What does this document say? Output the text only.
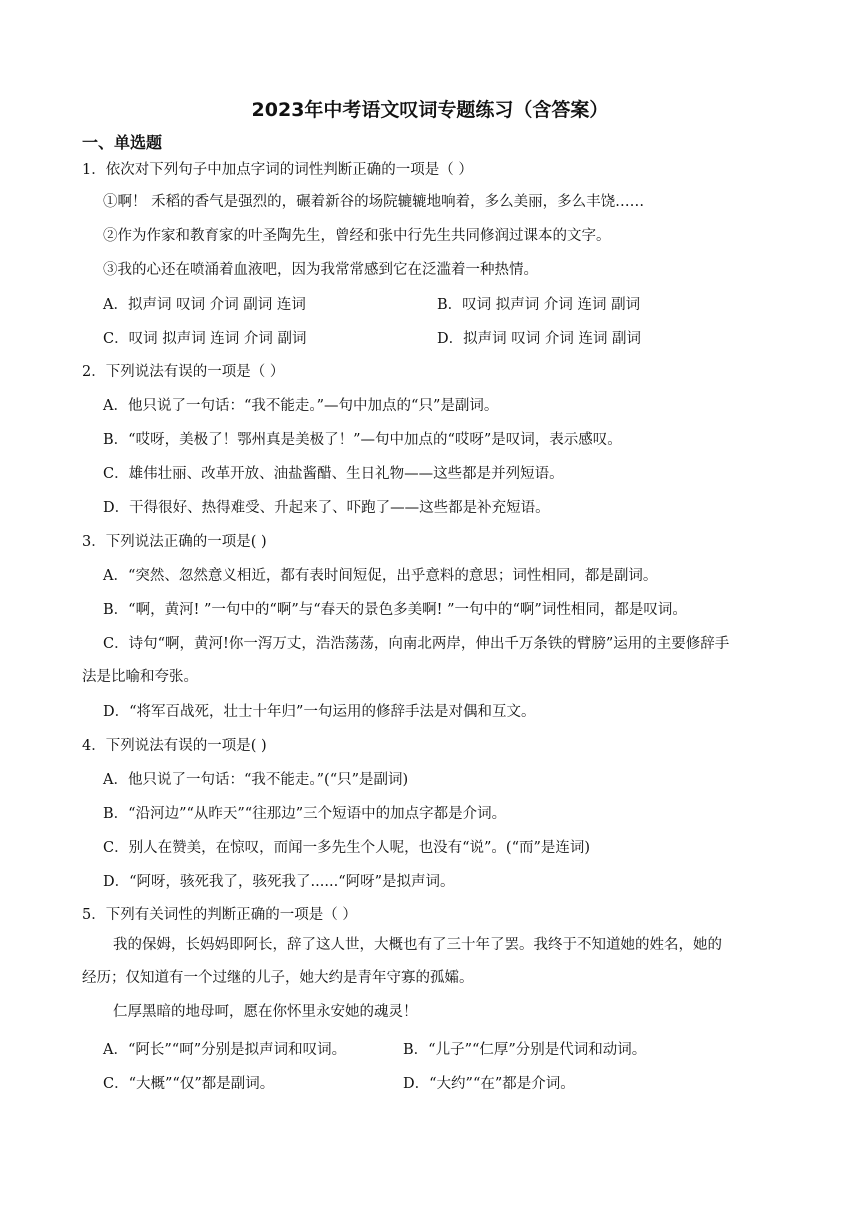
2023年中考语文叹词专题练习（含答案）
一、单选题
1．依次对下列句子中加点字词的词性判断正确的一项是（ ）
①啊！ 禾稻的香气是强烈的，碾着新谷的场院辘辘地响着，多么美丽，多么丰饶……
②作为作家和教育家的叶圣陶先生，曾经和张中行先生共同修润过课本的文字。
③我的心还在喷涌着血液吧，因为我常常感到它在泛滥着一种热情。
A．拟声词 叹词 介词 副词 连词	B．叹词 拟声词 介词 连词 副词
C．叹词 拟声词 连词 介词 副词	D．拟声词 叹词 介词 连词 副词
2．下列说法有误的一项是（ ）
A．他只说了一句话：“我不能走。”—句中加点的“只”是副词。
B．“哎呀，美极了！鄂州真是美极了！”—句中加点的“哎呀”是叹词，表示感叹。
C．雄伟壮丽、改革开放、油盐酱醋、生日礼物——这些都是并列短语。
D．干得很好、热得难受、升起来了、吓跑了——这些都是补充短语。
3．下列说法正确的一项是( )
A．“突然、忽然意义相近，都有表时间短促，出乎意料的意思；词性相同，都是副词。
B．“啊，黄河! ”一句中的“啊”与“春天的景色多美啊! ”一句中的“啊”词性相同，都是叹词。
C．诗句“啊，黄河!你一泻万丈，浩浩荡荡，向南北两岸，伸出千万条铁的臂膀”运用的主要修辞手
法是比喻和夸张。
D．“将军百战死，壮士十年归”一句运用的修辞手法是对偶和互文。
4．下列说法有误的一项是( )
A．他只说了一句话：“我不能走。”(“只”是副词)
B．“沿河边”“从昨天”“往那边”三个短语中的加点字都是介词。
C．别人在赞美，在惊叹，而闻一多先生个人呢，也没有“说”。(“而”是连词)
D．“阿呀，骇死我了，骇死我了......“阿呀”是拟声词。
5．下列有关词性的判断正确的一项是（ ）
我的保姆，长妈妈即阿长，辞了这人世，大概也有了三十年了罢。我终于不知道她的姓名，她的
经历；仅知道有一个过继的儿子，她大约是青年守寡的孤孀。
仁厚黑暗的地母呵，愿在你怀里永安她的魂灵！
A．“阿长”“呵”分别是拟声词和叹词。	B．“儿子”“仁厚”分别是代词和动词。
C．“大概”“仅”都是副词。	D．“大约”“在”都是介词。
